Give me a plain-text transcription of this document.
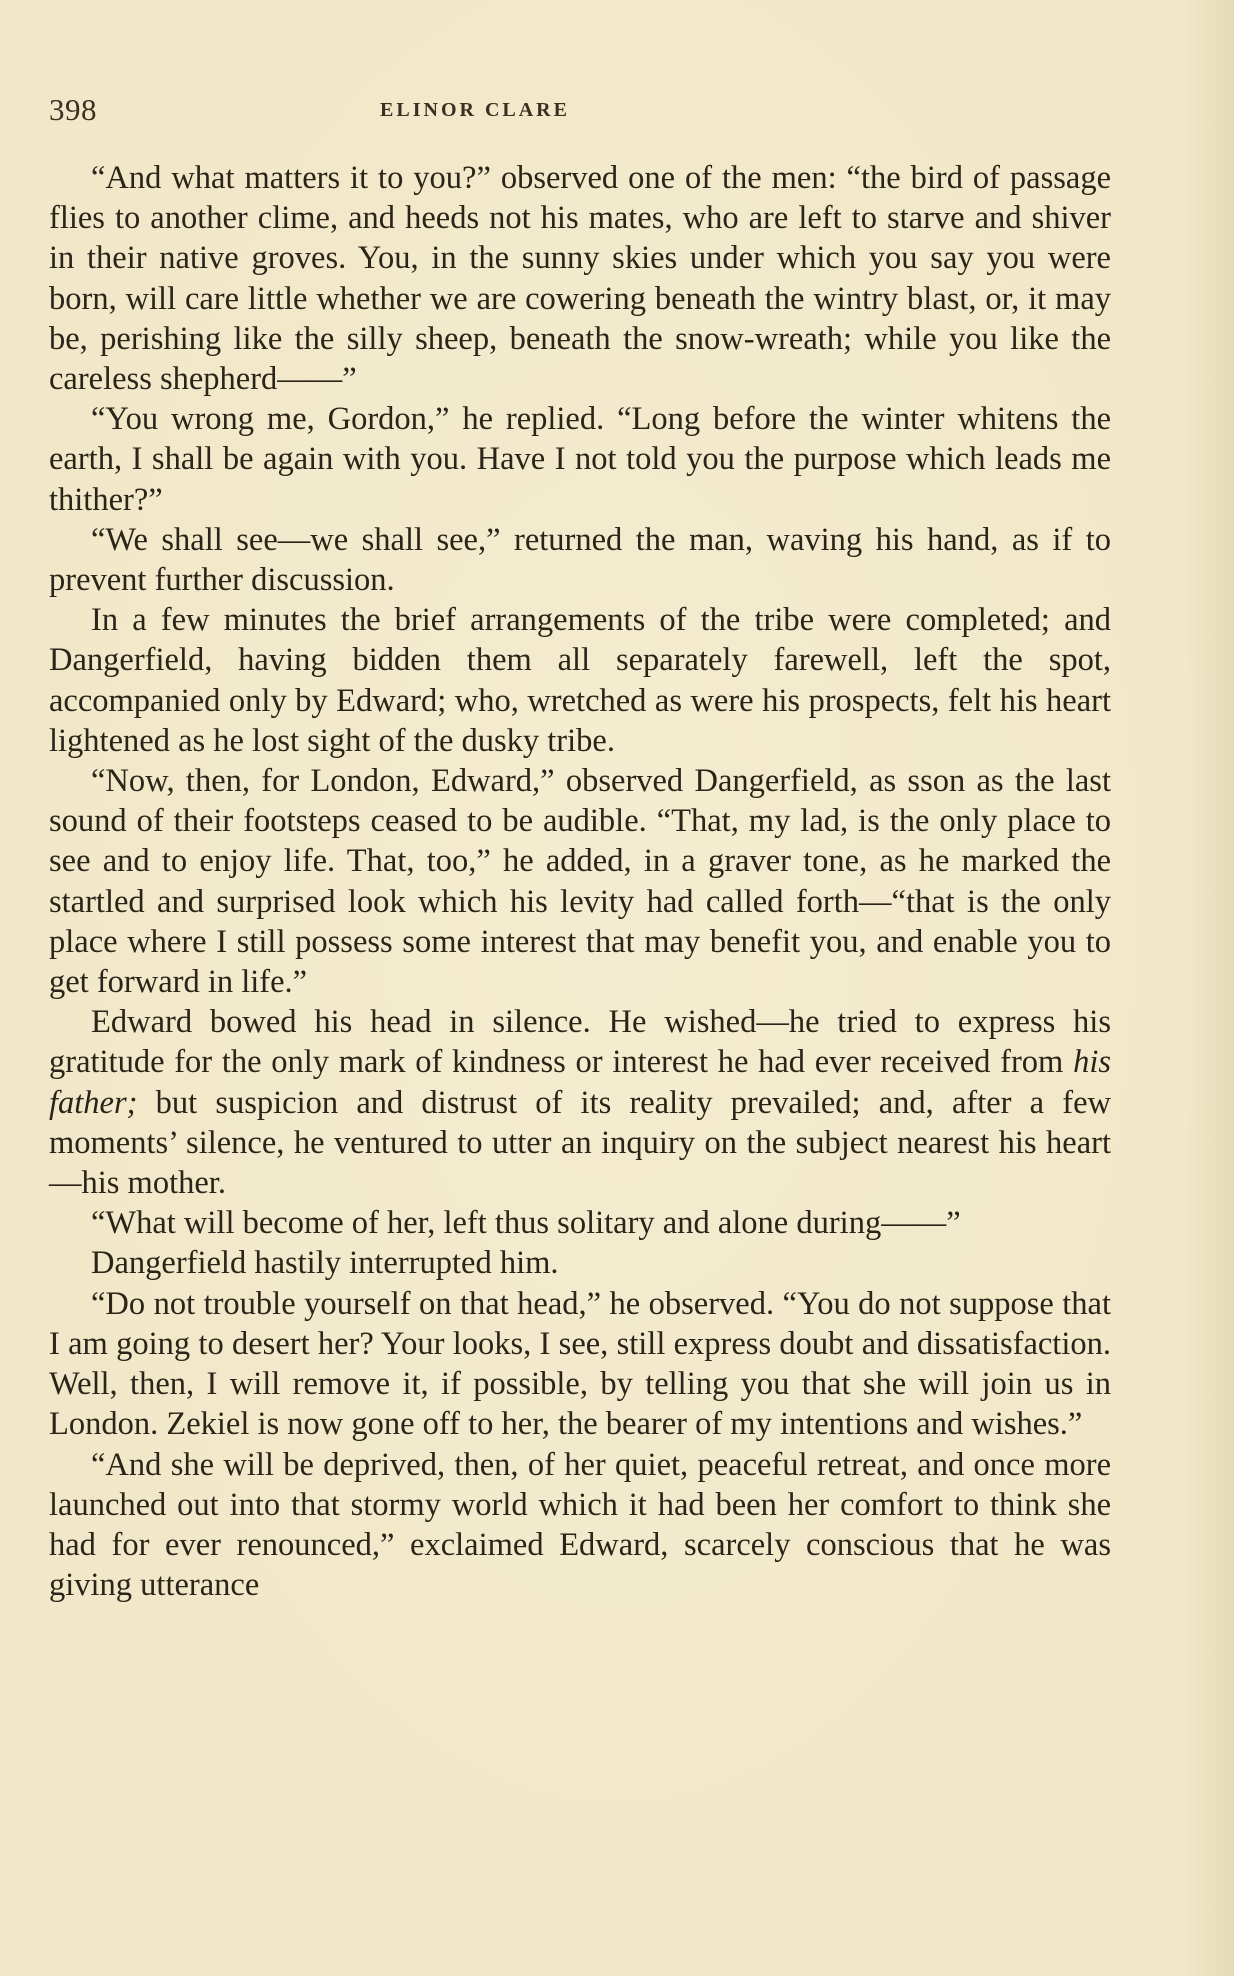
398	ELINOR CLARE

“And what matters it to you?” observed one of the men: “the bird of passage flies to another clime, and heeds not his mates, who are left to starve and shiver in their native groves. You, in the sunny skies under which you say you were born, will care little whether we are cowering beneath the wintry blast, or, it may be, perishing like the silly sheep, beneath the snow-wreath; while you like the careless shepherd——”

“You wrong me, Gordon,” he replied. “Long before the winter whitens the earth, I shall be again with you. Have I not told you the purpose which leads me thither?”

“We shall see—we shall see,” returned the man, waving his hand, as if to prevent further discussion.

In a few minutes the brief arrangements of the tribe were completed; and Dangerfield, having bidden them all separately farewell, left the spot, accompanied only by Edward; who, wretched as were his prospects, felt his heart lightened as he lost sight of the dusky tribe.

“Now, then, for London, Edward,” observed Dangerfield, as sson as the last sound of their footsteps ceased to be audible. “That, my lad, is the only place to see and to enjoy life. That, too,” he added, in a graver tone, as he marked the startled and surprised look which his levity had called forth—“that is the only place where I still possess some interest that may benefit you, and enable you to get forward in life.”

Edward bowed his head in silence. He wished—he tried to express his gratitude for the only mark of kindness or interest he had ever received from his father; but suspicion and distrust of its reality prevailed; and, after a few moments’ silence, he ventured to utter an inquiry on the subject nearest his heart—his mother.

“What will become of her, left thus solitary and alone during——”

Dangerfield hastily interrupted him.

“Do not trouble yourself on that head,” he observed. “You do not suppose that I am going to desert her? Your looks, I see, still express doubt and dissatisfaction. Well, then, I will remove it, if possible, by telling you that she will join us in London. Zekiel is now gone off to her, the bearer of my intentions and wishes.”

“And she will be deprived, then, of her quiet, peaceful retreat, and once more launched out into that stormy world which it had been her comfort to think she had for ever renounced,” exclaimed Edward, scarcely conscious that he was giving utterance
